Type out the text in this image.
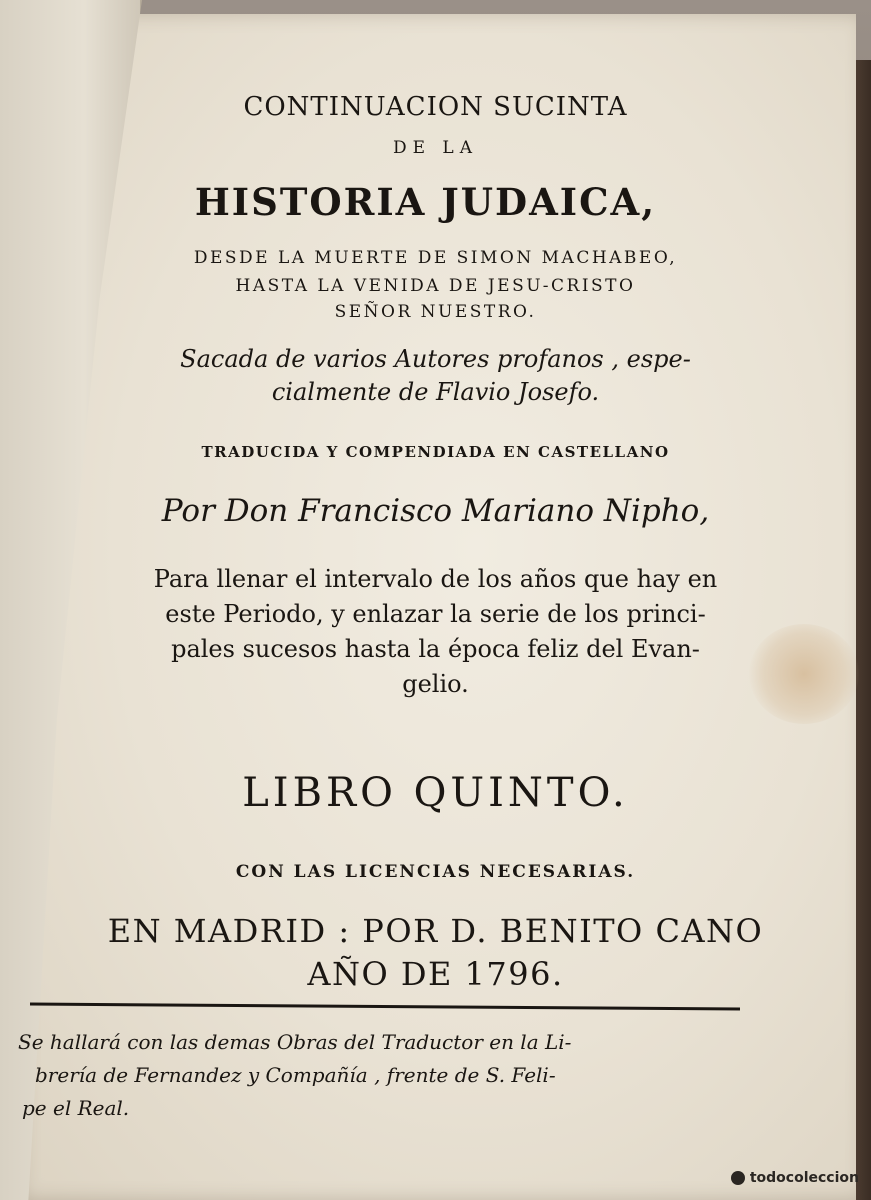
CONTINUACION SUCINTA
DE LA
HISTORIA JUDAICA,
DESDE LA MUERTE DE SIMON MACHABEO,
HASTA LA VENIDA DE JESU-CRISTO
SEÑOR NUESTRO.
Sacada de varios Autores profanos , espe-
cialmente de Flavio Josefo.
TRADUCIDA Y COMPENDIADA EN CASTELLANO
Por Don Francisco Mariano Nipho,
Para llenar el intervalo de los años que hay en
este Periodo, y enlazar la serie de los princi-
pales sucesos hasta la época feliz del Evan-
gelio.
LIBRO QUINTO.
CON LAS LICENCIAS NECESARIAS.
EN MADRID : POR D. BENITO CANO
AÑO DE 1796.
Se hallará con las demas Obras del Traductor en la Li-
brería de Fernandez y Compañía , frente de S. Feli-
pe el Real.
todocoleccion
